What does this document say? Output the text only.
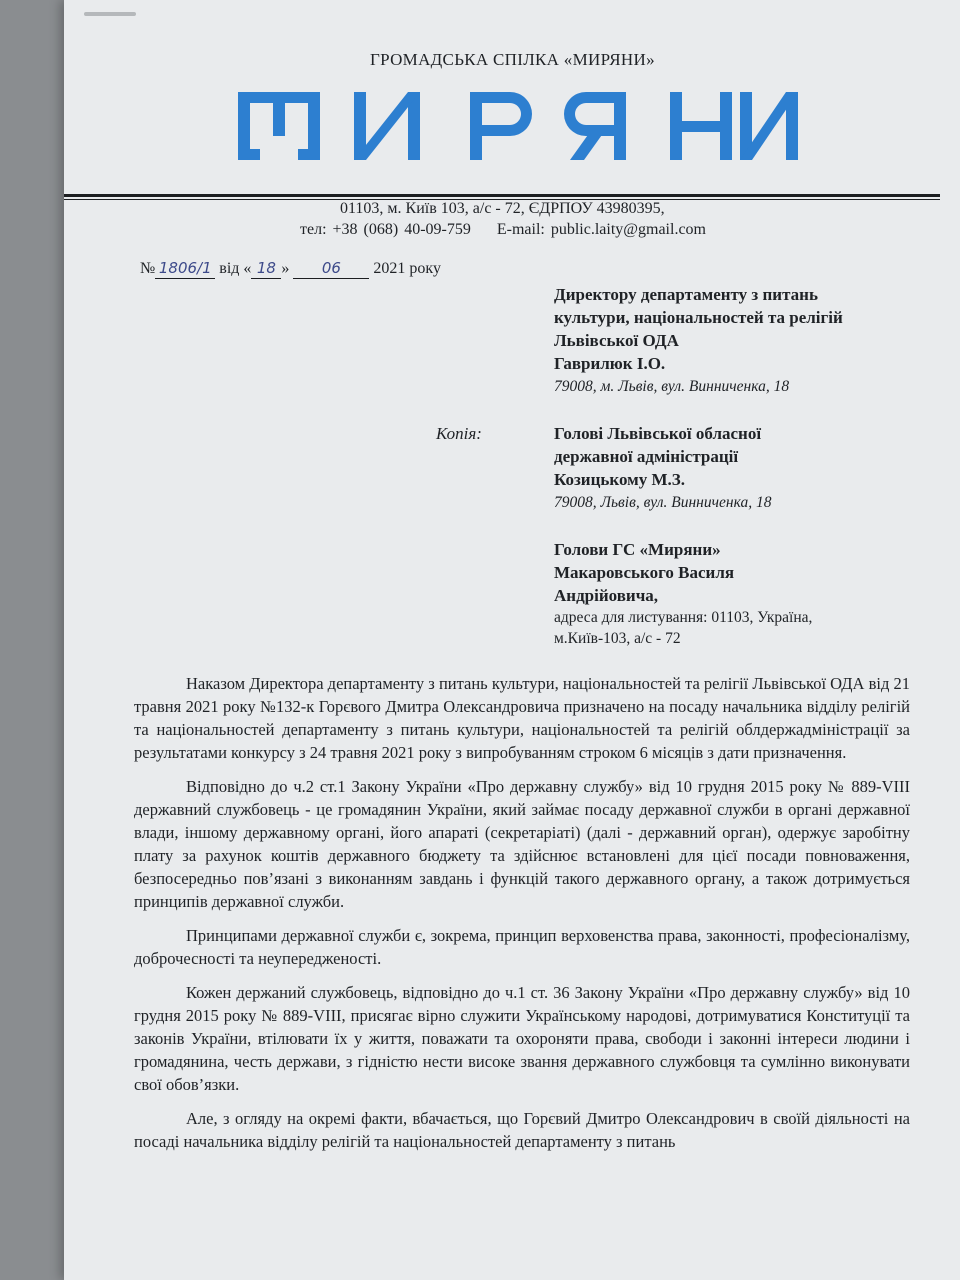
ГРОМАДСЬКА СПІЛКА «МИРЯНИ»
01103, м. Київ 103, а/с - 72, ЄДРПОУ 43980395,
тел: +38 (068) 40-09-759 E-mail: public.laity@gmail.com
№ 1806/1 від « 18 » 06 2021 року
Директору департаменту з питань
культури, національностей та релігій
Львівської ОДА
Гаврилюк І.О.
79008, м. Львів, вул. Винниченка, 18
Копія:	Голові Львівської обласної
державної адміністрації
Козицькому М.З.
79008, Львів, вул. Винниченка, 18
Голови ГС «Миряни»
Макаровського Василя
Андрійовича,
адреса для листування: 01103, Україна,
м.Київ-103, а/с - 72

Наказом Директора департаменту з питань культури, національностей та релігії Львівської ОДА від 21 травня 2021 року №132-к Горєвого Дмитра Олександровича призначено на посаду начальника відділу релігій та національностей департаменту з питань культури, національностей та релігій облдержадміністрації за результатами конкурсу з 24 травня 2021 року з випробуванням строком 6 місяців з дати призначення.

Відповідно до ч.2 ст.1 Закону України «Про державну службу» від 10 грудня 2015 року № 889-VIII державний службовець - це громадянин України, який займає посаду державної служби в органі державної влади, іншому державному органі, його апараті (секретаріаті) (далі - державний орган), одержує заробітну плату за рахунок коштів державного бюджету та здійснює встановлені для цієї посади повноваження, безпосередньо пов’язані з виконанням завдань і функцій такого державного органу, а також дотримується принципів державної служби.

Принципами державної служби є, зокрема, принцип верховенства права, законності, професіоналізму, доброчесності та неупередженості.

Кожен держаний службовець, відповідно до ч.1 ст. 36 Закону України «Про державну службу» від 10 грудня 2015 року № 889-VIII, присягає вірно служити Українському народові, дотримуватися Конституції та законів України, втілювати їх у життя, поважати та охороняти права, свободи і законні інтереси людини і громадянина, честь держави, з гідністю нести високе звання державного службовця та сумлінно виконувати свої обов’язки.

Але, з огляду на окремі факти, вбачається, що Горєвий Дмитро Олександрович в своїй діяльності на посаді начальника відділу релігій та національностей департаменту з питань
